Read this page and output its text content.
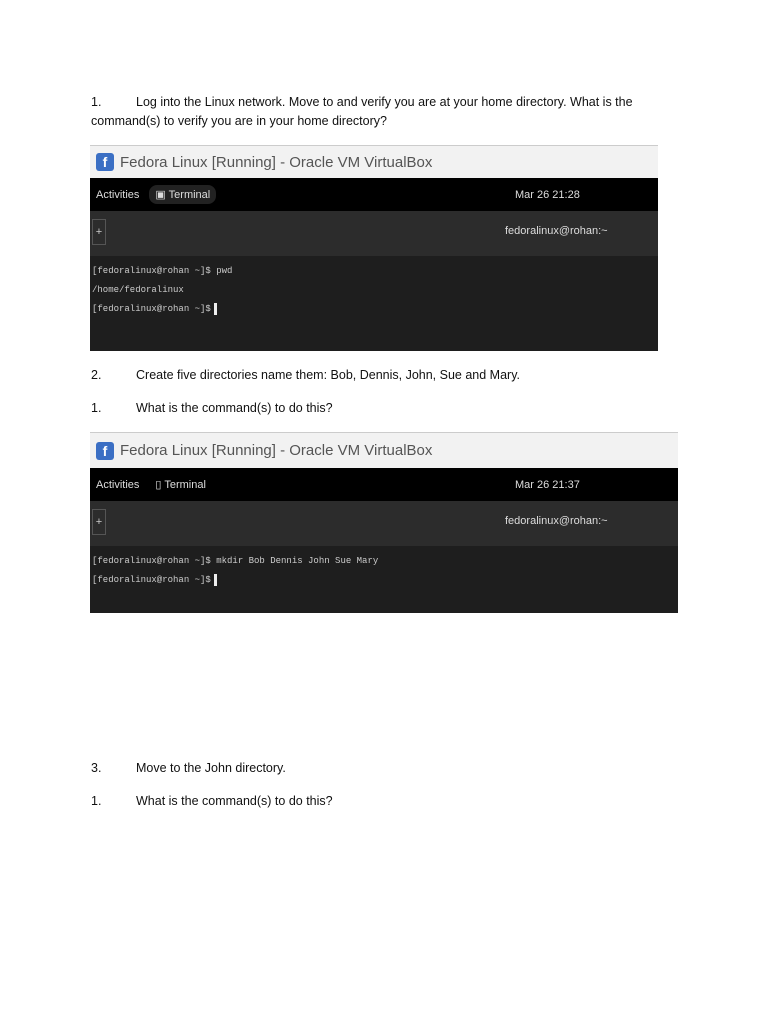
1.	Log into the Linux network. Move to and verify you are at your home directory. What is the command(s) to verify you are in your home directory?
f Fedora Linux [Running] - Oracle VM VirtualBox
Activities	▣ Terminal	Mar 26 21:28
+	fedoralinux@rohan:~
[fedoralinux@rohan ~]$ pwd
/home/fedoralinux
[fedoralinux@rohan ~]$
2.	Create five directories name them: Bob, Dennis, John, Sue and Mary.
1.	What is the command(s) to do this?
f Fedora Linux [Running] - Oracle VM VirtualBox
Activities	▯ Terminal	Mar 26 21:37
+	fedoralinux@rohan:~
[fedoralinux@rohan ~]$ mkdir Bob Dennis John Sue Mary
[fedoralinux@rohan ~]$
3.	Move to the John directory.
1.	What is the command(s) to do this?
